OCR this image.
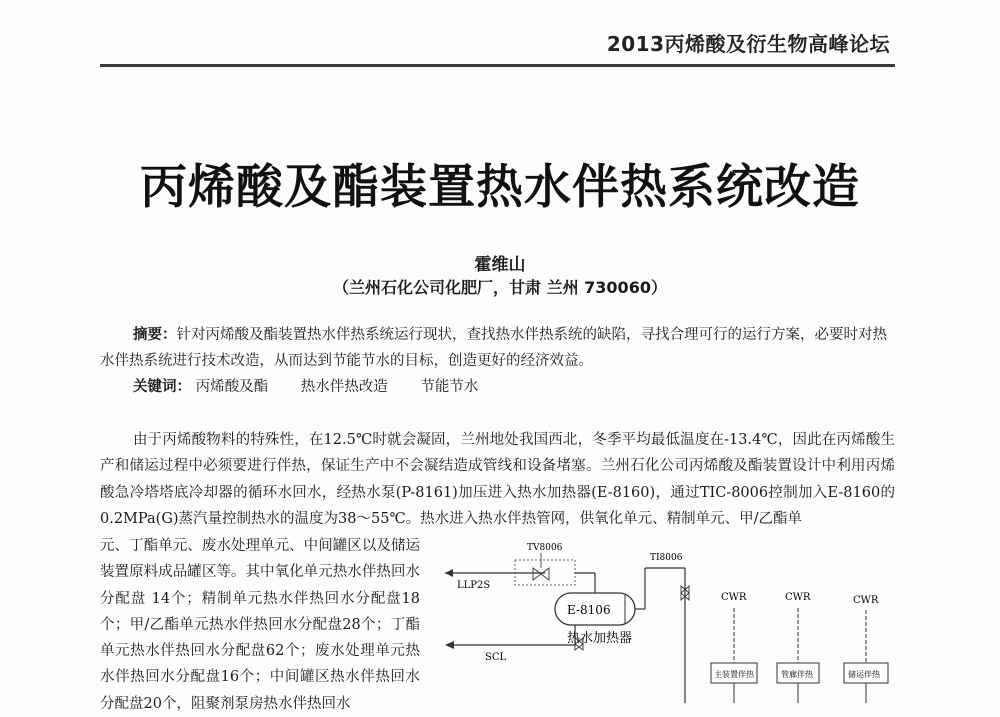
2013丙烯酸及衍生物高峰论坛
丙烯酸及酯装置热水伴热系统改造
霍维山
（兰州石化公司化肥厂，甘肃 兰州 730060）
摘要：针对丙烯酸及酯装置热水伴热系统运行现状，查找热水伴热系统的缺陷，寻找合理可行的运行方案，必要时对热水伴热系统进行技术改造，从而达到节能节水的目标，创造更好的经济效益。
关键词： 丙烯酸及酯 热水伴热改造 节能节水
由于丙烯酸物料的特殊性，在12.5℃时就会凝固，兰州地处我国西北，冬季平均最低温度在-13.4℃，因此在丙烯酸生产和储运过程中必须要进行伴热，保证生产中不会凝结造成管线和设备堵塞。兰州石化公司丙烯酸及酯装置设计中利用丙烯酸急冷塔塔底冷却器的循环水回水，经热水泵(P-8161)加压进入热水加热器(E-8160)，通过TIC-8006控制加入E-8160的0.2MPa(G)蒸汽量控制热水的温度为38～55℃。热水进入热水伴热管网，供氧化单元、精制单元、甲/乙酯单
元、丁酯单元、废水处理单元、中间罐区以及储运装置原料成品罐区等。其中氧化单元热水伴热回水分配盘 14个；精制单元热水伴热回水分配盘18个；甲/乙酯单元热水伴热回水分配盘28个；丁酯单元热水伴热回水分配盘62个；废水处理单元热水伴热回水分配盘16个；中间罐区热水伴热回水分配盘20个，阻聚剂泵房热水伴热回水
LLP2S
TV8006
E-8106
热水加热器
SCL
TI8006
CWR	CWR	CWR
主装置伴热	管廊伴热	储运伴热
